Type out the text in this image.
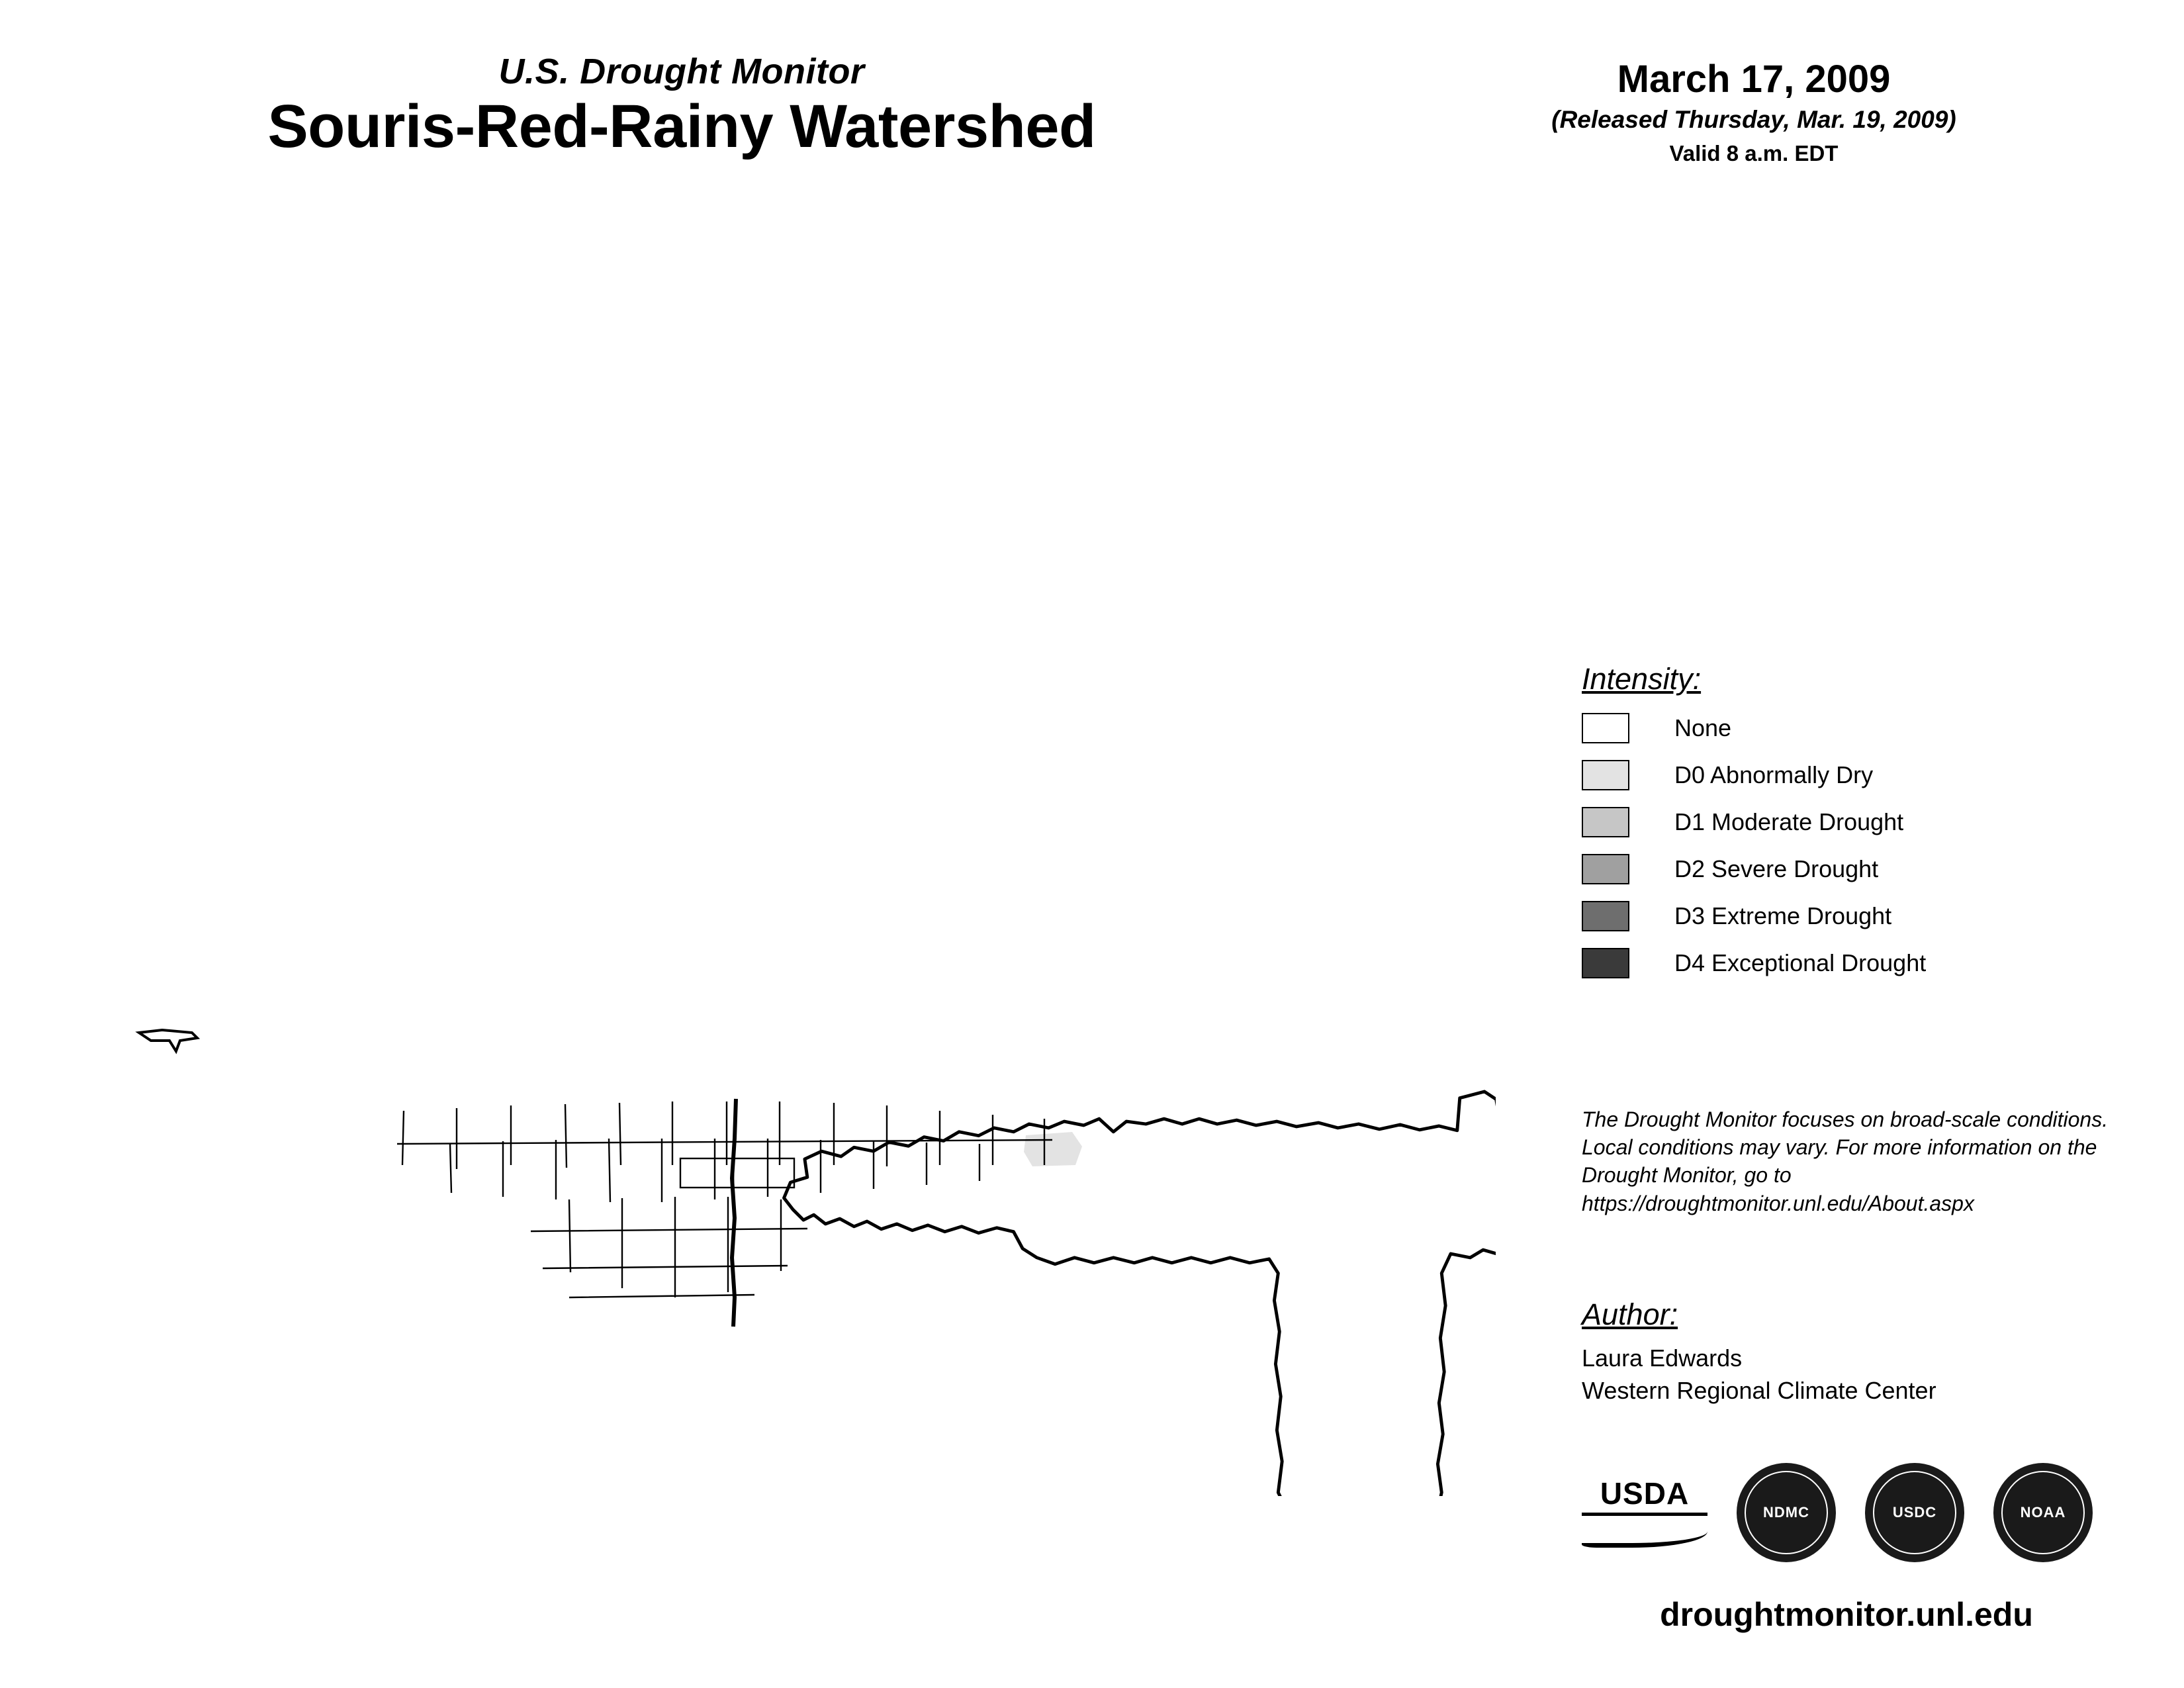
U.S. Drought Monitor
Souris-Red-Rainy Watershed
March 17, 2009
(Released Thursday, Mar. 19, 2009)
Valid 8 a.m. EDT
Intensity:
None
D0 Abnormally Dry
D1 Moderate Drought
D2 Severe Drought
D3 Extreme Drought
D4 Exceptional Drought
The Drought Monitor focuses on broad-scale conditions. Local conditions may vary. For more information on the Drought Monitor, go to https://droughtmonitor.unl.edu/About.aspx
Author:
Laura Edwards
Western Regional Climate Center
USDA
NDMC	USDC	NOAA
droughtmonitor.unl.edu
